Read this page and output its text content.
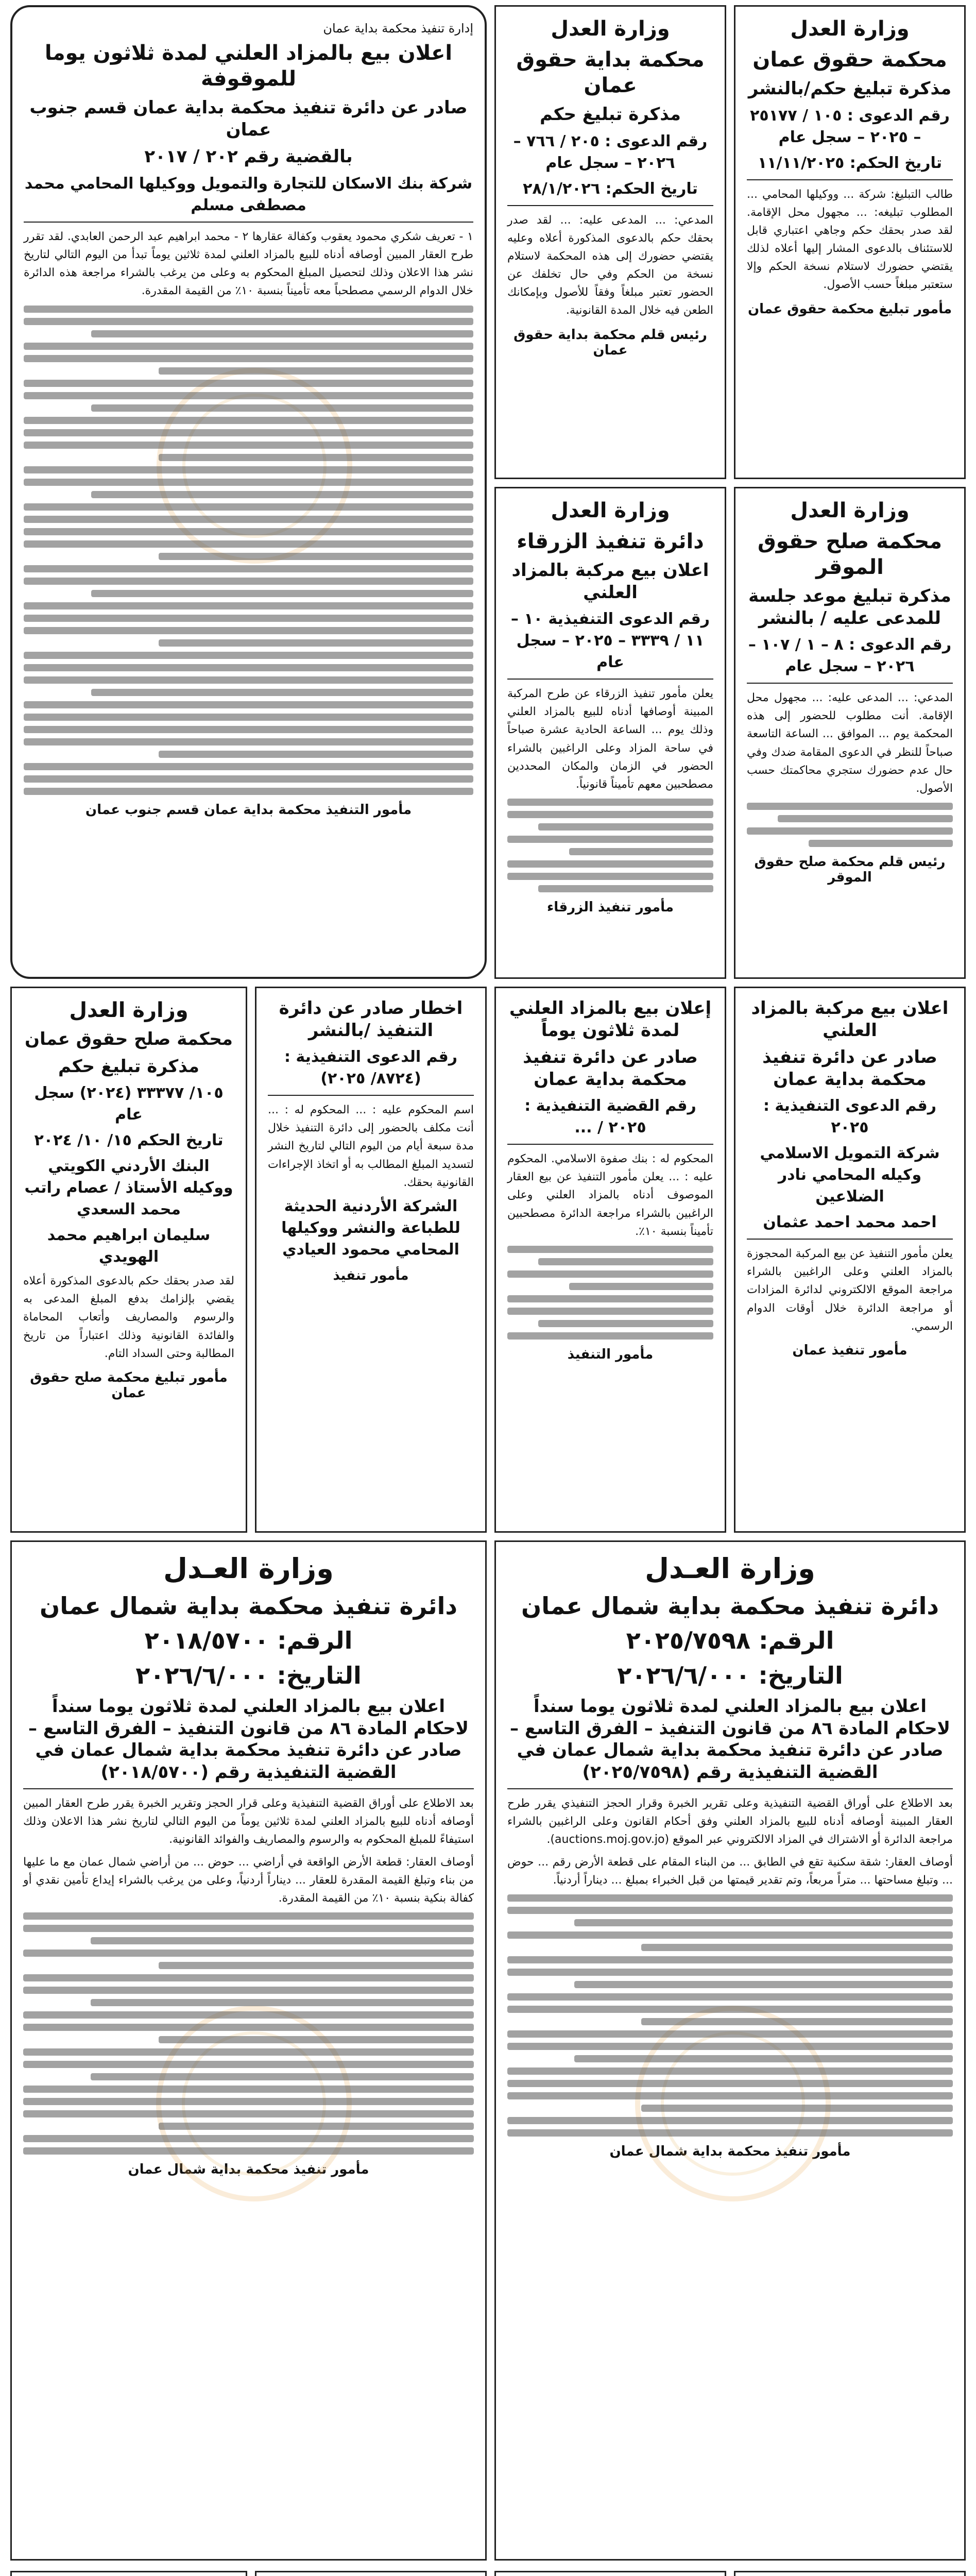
وزارة العدل
محكمة حقوق عمان
مذكرة تبليغ حكم/بالنشر
رقم الدعوى : ١٠٥ / ٢٥١٧٧ – ٢٠٢٥ – سجل عام
تاريخ الحكم: ١١/١١/٢٠٢٥
طالب التبليغ: شركة ... ووكيلها المحامي ... المطلوب تبليغه: ... مجهول محل الإقامة. لقد صدر بحقك حكم وجاهي اعتباري قابل للاستئناف بالدعوى المشار إليها أعلاه لذلك يقتضي حضورك لاستلام نسخة الحكم وإلا ستعتبر مبلغاً حسب الأصول.
مأمور تبليغ محكمة حقوق عمان
وزارة العدل
محكمة بداية حقوق عمان
مذكرة تبليغ حكم
رقم الدعوى : ٢٠٥ / ٧٦٦ – ٢٠٢٦ – سجل عام
تاريخ الحكم: ٢٨/١/٢٠٢٦
المدعي: ... المدعى عليه: ... لقد صدر بحقك حكم بالدعوى المذكورة أعلاه وعليه يقتضي حضورك إلى هذه المحكمة لاستلام نسخة من الحكم وفي حال تخلفك عن الحضور تعتبر مبلغاً وفقاً للأصول وبإمكانك الطعن فيه خلال المدة القانونية.
رئيس قلم محكمة بداية حقوق عمان
إدارة تنفيذ محكمة بداية عمان
اعلان بيع بالمزاد العلني لمدة ثلاثون يوما للموقوفة
صادر عن دائرة تنفيذ محكمة بداية عمان قسم جنوب عمان
بالقضية رقم ٢٠٢ / ٢٠١٧
شركة بنك الاسكان للتجارة والتمويل ووكيلها المحامي محمد مصطفى مسلم
١ - تعريف شكري محمود يعقوب وكفالة عقارها ٢ - محمد ابراهيم عبد الرحمن العابدي. لقد تقرر طرح العقار المبين أوصافه أدناه للبيع بالمزاد العلني لمدة ثلاثين يوماً تبدأ من اليوم التالي لتاريخ نشر هذا الاعلان وذلك لتحصيل المبلغ المحكوم به وعلى من يرغب بالشراء مراجعة هذه الدائرة خلال الدوام الرسمي مصطحباً معه تأميناً بنسبة ١٠٪ من القيمة المقدرة.
مأمور التنفيذ محكمة بداية عمان قسم جنوب عمان
وزارة العدل
محكمة صلح حقوق الموقر
مذكرة تبليغ موعد جلسة للمدعى عليه / بالنشر
رقم الدعوى : ٨ – ١ / ١٠٧ – ٢٠٢٦ – سجل عام
المدعي: ... المدعى عليه: ... مجهول محل الإقامة. أنت مطلوب للحضور إلى هذه المحكمة يوم ... الموافق ... الساعة التاسعة صباحاً للنظر في الدعوى المقامة ضدك وفي حال عدم حضورك ستجري محاكمتك حسب الأصول.
رئيس قلم محكمة صلح حقوق الموقر
وزارة العدل
دائرة تنفيذ الزرقاء
اعلان بيع مركبة بالمزاد العلني
رقم الدعوى التنفيذية ١٠ – ١١ / ٣٣٣٩ – ٢٠٢٥ – سجل عام
يعلن مأمور تنفيذ الزرقاء عن طرح المركبة المبينة أوصافها أدناه للبيع بالمزاد العلني وذلك يوم ... الساعة الحادية عشرة صباحاً في ساحة المزاد وعلى الراغبين بالشراء الحضور في الزمان والمكان المحددين مصطحبين معهم تأميناً قانونياً.
مأمور تنفيذ الزرقاء
اعلان بيع مركبة بالمزاد العلني
صادر عن دائرة تنفيذ محكمة بداية عمان
رقم الدعوى التنفيذية : ٢٠٢٥
شركة التمويل الاسلامي وكيله المحامي نادر الضلاعين
احمد محمد احمد عثمان
يعلن مأمور التنفيذ عن بيع المركبة المحجوزة بالمزاد العلني وعلى الراغبين بالشراء مراجعة الموقع الالكتروني لدائرة المزادات أو مراجعة الدائرة خلال أوقات الدوام الرسمي.
مأمور تنفيذ عمان
إعلان بيع بالمزاد العلني لمدة ثلاثون يوماً
صادر عن دائرة تنفيذ محكمة بداية عمان
رقم القضية التنفيذية : ٢٠٢٥ / ...
المحكوم له : بنك صفوة الاسلامي. المحكوم عليه : ... يعلن مأمور التنفيذ عن بيع العقار الموصوف أدناه بالمزاد العلني وعلى الراغبين بالشراء مراجعة الدائرة مصطحبين تأميناً بنسبة ١٠٪.
مأمور التنفيذ
اخطار صادر عن دائرة التنفيذ /بالنشر
رقم الدعوى التنفيذية : (٨٧٢٤/ ٢٠٢٥)
اسم المحكوم عليه : ... المحكوم له : ... أنت مكلف بالحضور إلى دائرة التنفيذ خلال مدة سبعة أيام من اليوم التالي لتاريخ النشر لتسديد المبلغ المطالب به أو اتخاذ الإجراءات القانونية بحقك.
الشركة الأردنية الحديثة للطباعة والنشر ووكيلها المحامي محمود العيادي
مأمور تنفيذ
وزارة العدل
محكمة صلح حقوق عمان
مذكرة تبليغ حكم
١٠٥/ ٣٣٣٧٧ (٢٠٢٤) سجل عام
تاريخ الحكم ١٥/ ١٠/ ٢٠٢٤
البنك الأردني الكويتي ووكيله الأستاذ / عصام راتب محمد السعدي
سليمان ابراهيم محمد الهويدي
لقد صدر بحقك حكم بالدعوى المذكورة أعلاه يقضي بإلزامك بدفع المبلغ المدعى به والرسوم والمصاريف وأتعاب المحاماة والفائدة القانونية وذلك اعتباراً من تاريخ المطالبة وحتى السداد التام.
مأمور تبليغ محكمة صلح حقوق عمان
وزارة العـدل
دائرة تنفيذ محكمة بداية شمال عمان
الرقم: ٢٠٢٥/٧٥٩٨
التاريخ: ٢٠٢٦/٦/٠٠٠
اعلان بيع بالمزاد العلني لمدة ثلاثون يوما سنداً لاحكام المادة ٨٦ من قانون التنفيذ – الفرق التاسع – صادر عن دائرة تنفيذ محكمة بداية شمال عمان في القضية التنفيذية رقم (٢٠٢٥/٧٥٩٨)
بعد الاطلاع على أوراق القضية التنفيذية وعلى تقرير الخبرة وقرار الحجز التنفيذي يقرر طرح العقار المبينة أوصافه أدناه للبيع بالمزاد العلني وفق أحكام القانون وعلى الراغبين بالشراء مراجعة الدائرة أو الاشتراك في المزاد الالكتروني عبر الموقع (auctions.moj.gov.jo).
أوصاف العقار: شقة سكنية تقع في الطابق ... من البناء المقام على قطعة الأرض رقم ... حوض ... وتبلغ مساحتها ... متراً مربعاً، وتم تقدير قيمتها من قبل الخبراء بمبلغ ... ديناراً أردنياً.
مأمور تنفيذ محكمة بداية شمال عمان
وزارة العـدل
دائرة تنفيذ محكمة بداية شمال عمان
الرقم: ٢٠١٨/٥٧٠٠
التاريخ: ٢٠٢٦/٦/٠٠٠
اعلان بيع بالمزاد العلني لمدة ثلاثون يوما سنداً لاحكام المادة ٨٦ من قانون التنفيذ – الفرق التاسع – صادر عن دائرة تنفيذ محكمة بداية شمال عمان في القضية التنفيذية رقم (٢٠١٨/٥٧٠٠)
بعد الاطلاع على أوراق القضية التنفيذية وعلى قرار الحجز وتقرير الخبرة يقرر طرح العقار المبين أوصافه أدناه للبيع بالمزاد العلني لمدة ثلاثين يوماً من اليوم التالي لتاريخ نشر هذا الاعلان وذلك استيفاءً للمبلغ المحكوم به والرسوم والمصاريف والفوائد القانونية.
أوصاف العقار: قطعة الأرض الواقعة في أراضي ... حوض ... من أراضي شمال عمان مع ما عليها من بناء وتبلغ القيمة المقدرة للعقار ... ديناراً أردنياً، وعلى من يرغب بالشراء إيداع تأمين نقدي أو كفالة بنكية بنسبة ١٠٪ من القيمة المقدرة.
مأمور تنفيذ محكمة بداية شمال عمان
